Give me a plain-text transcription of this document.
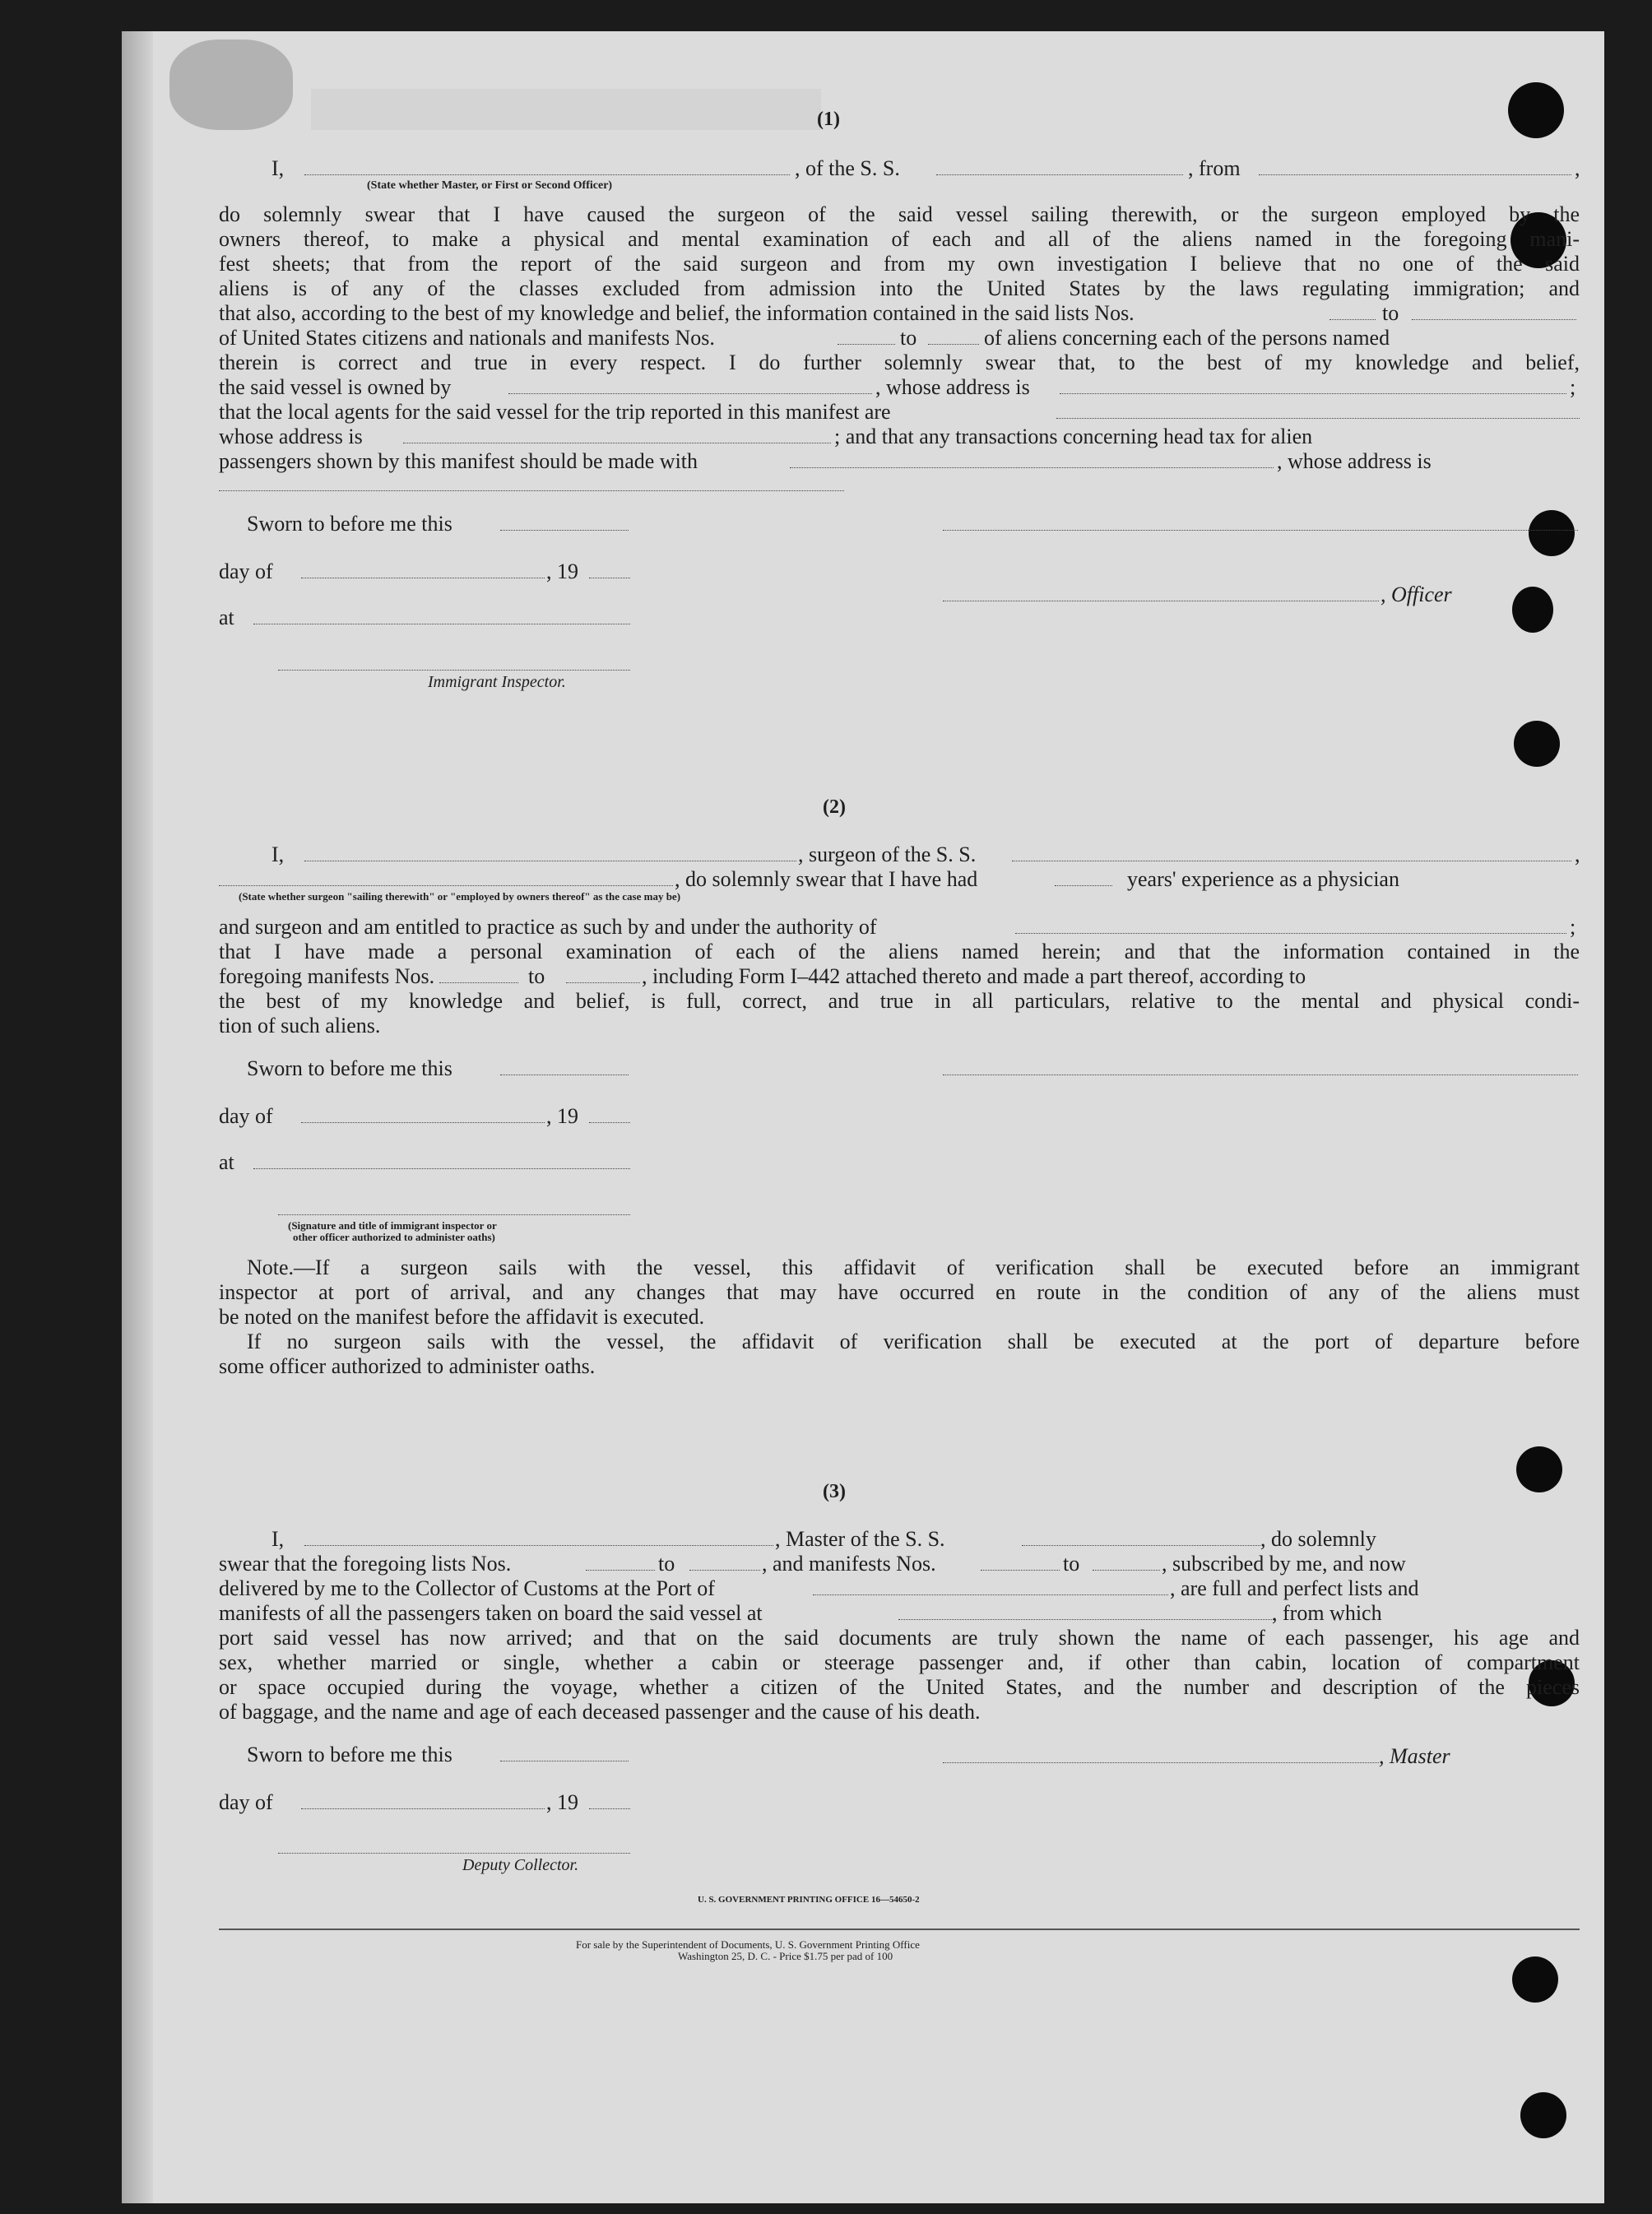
(1)
I,
(State whether Master, or First or Second Officer)
, of the S. S.	, from	,
do solemnly swear that I have caused the surgeon of the said vessel sailing therewith, or the surgeon employed by the
owners thereof, to make a physical and mental examination of each and all of the aliens named in the foregoing mani-
fest sheets; that from the report of the said surgeon and from my own investigation I believe that no one of the said
aliens is of any of the classes excluded from admission into the United States by the laws regulating immigration; and
that also, according to the best of my knowledge and belief, the information contained in the said lists Nos.	to
of United States citizens and nationals and manifests Nos.	to	of aliens concerning each of the persons named
therein is correct and true in every respect. I do further solemnly swear that, to the best of my knowledge and belief,
the said vessel is owned by	, whose address is	;
that the local agents for the said vessel for the trip reported in this manifest are
whose address is	; and that any transactions concerning head tax for alien
passengers shown by this manifest should be made with	, whose address is
Sworn to before me this
day of	, 19
, Officer
at
Immigrant Inspector.
(2)
I,	, surgeon of the S. S.	,
, do solemnly swear that I have had	years' experience as a physician
(State whether surgeon "sailing therewith" or "employed by owners thereof" as the case may be)
and surgeon and am entitled to practice as such by and under the authority of	;
that I have made a personal examination of each of the aliens named herein; and that the information contained in the
foregoing manifests Nos.	to	, including Form I–442 attached thereto and made a part thereof, according to
the best of my knowledge and belief, is full, correct, and true in all particulars, relative to the mental and physical condi-
tion of such aliens.
Sworn to before me this
day of	, 19
at
(Signature and title of immigrant inspector or
other officer authorized to administer oaths)
Note.—If a surgeon sails with the vessel, this affidavit of verification shall be executed before an immigrant
inspector at port of arrival, and any changes that may have occurred en route in the condition of any of the aliens must
be noted on the manifest before the affidavit is executed.
If no surgeon sails with the vessel, the affidavit of verification shall be executed at the port of departure before
some officer authorized to administer oaths.
(3)
I,	, Master of the S. S.	, do solemnly
swear that the foregoing lists Nos.	to	, and manifests Nos.	to	, subscribed by me, and now
delivered by me to the Collector of Customs at the Port of	, are full and perfect lists and
manifests of all the passengers taken on board the said vessel at	, from which
port said vessel has now arrived; and that on the said documents are truly shown the name of each passenger, his age and
sex, whether married or single, whether a cabin or steerage passenger and, if other than cabin, location of compartment
or space occupied during the voyage, whether a citizen of the United States, and the number and description of the pieces
of baggage, and the name and age of each deceased passenger and the cause of his death.
Sworn to before me this	, Master
day of	, 19
Deputy Collector.
U. S. GOVERNMENT PRINTING OFFICE 16—54650-2
For sale by the Superintendent of Documents, U. S. Government Printing Office
Washington 25, D. C. - Price $1.75 per pad of 100
